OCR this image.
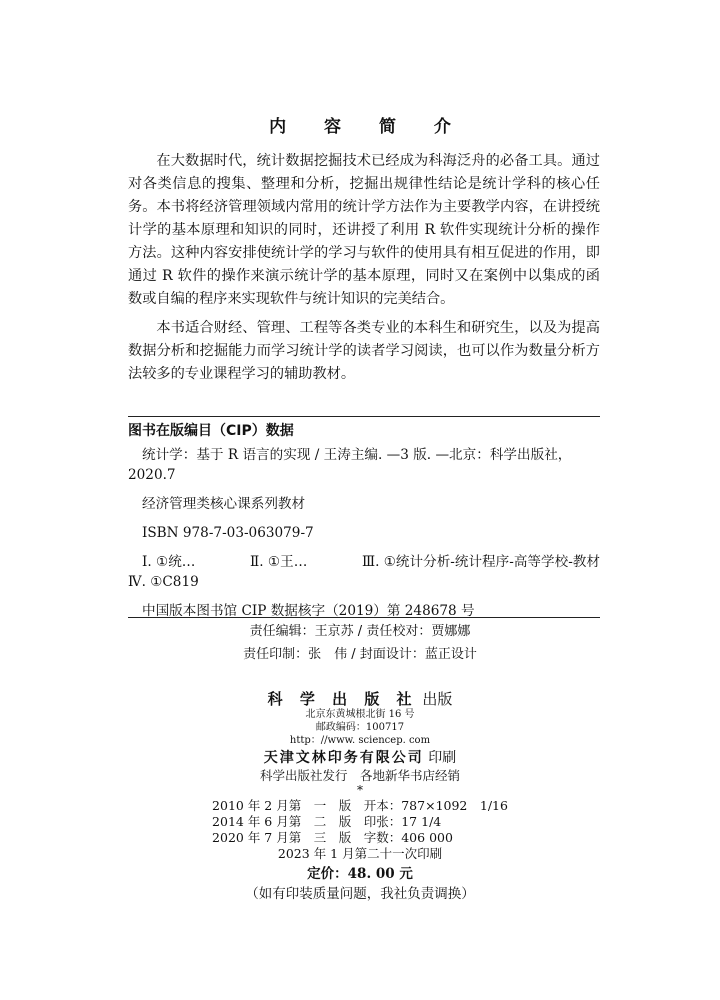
内 容 简 介

在大数据时代，统计数据挖掘技术已经成为科海泛舟的必备工具。通过对各类信息的搜集、整理和分析，挖掘出规律性结论是统计学科的核心任务。本书将经济管理领域内常用的统计学方法作为主要教学内容，在讲授统计学的基本原理和知识的同时，还讲授了利用 R 软件实现统计分析的操作方法。这种内容安排使统计学的学习与软件的使用具有相互促进的作用，即通过 R 软件的操作来演示统计学的基本原理，同时又在案例中以集成的函数或自编的程序来实现软件与统计知识的完美结合。

本书适合财经、管理、工程等各类专业的本科生和研究生，以及为提高数据分析和挖掘能力而学习统计学的读者学习阅读，也可以作为数量分析方法较多的专业课程学习的辅助教材。

图书在版编目（CIP）数据

统计学：基于 R 语言的实现 / 王涛主编. —3 版. —北京：科学出版社，

2020.7

经济管理类核心课系列教材

ISBN 978-7-03-063079-7

Ⅰ. ①统…	Ⅱ. ①王…	Ⅲ. ①统计分析-统计程序-高等学校-教材

Ⅳ. ①C819

中国版本图书馆 CIP 数据核字（2019）第 248678 号

责任编辑：王京苏 / 责任校对：贾娜娜
责任印制：张　伟 / 封面设计：蓝正设计
科 学 出 版 社 出版
北京东黄城根北街 16 号
邮政编码：100717
http：//www. sciencep. com
天津文林印务有限公司 印刷
科学出版社发行　各地新华书店经销
*
2010 年 2 月第　一　版　开本：787×1092　1/16
2014 年 6 月第　二　版　印张：17 1/4
2020 年 7 月第　三　版　字数：406 000
2023 年 1 月第二十一次印刷
定价：48. 00 元
（如有印装质量问题，我社负责调换）
